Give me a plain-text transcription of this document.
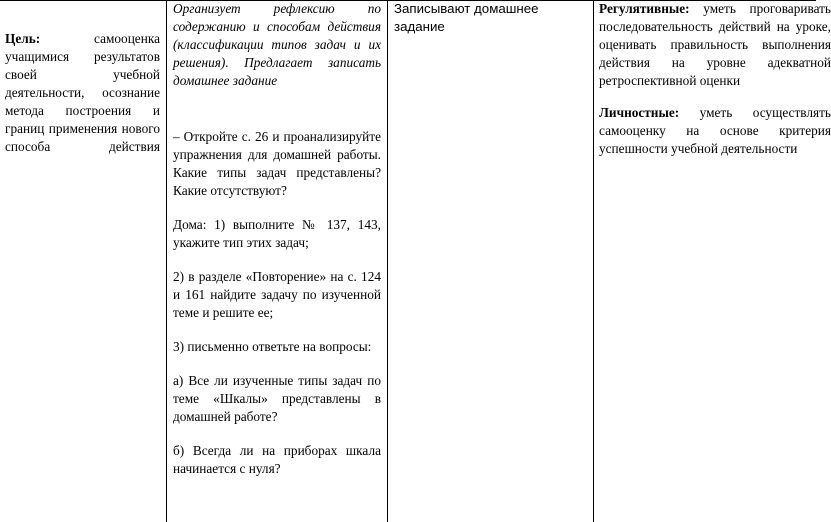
Цель:	самооценка учащимися результатов своей учебной деятельности, осознание метода построения и границ применения нового способа действия

Организует рефлексию по содержанию и способам действия (классификации типов задач и их решения). Предлагает записать домашнее задание

– Откройте с. 26 и проанализируйте упражнения для домашней работы. Какие типы задач представлены? Какие отсутствуют?

Дома: 1) выполните № 137, 143, укажите тип этих задач;

2) в разделе «Повторение» на с. 124 и 161 найдите задачу по изученной теме и решите ее;

3) письменно ответьте на вопросы:

а) Все ли изученные типы задач по теме «Шкалы» представлены в домашней работе?

б) Всегда ли на приборах шкала начинается с нуля?

Записывают домашнее задание

Регулятивные: уметь проговаривать последовательность действий на уроке, оценивать правильность выполнения действия на уровне адекватной ретроспективной оценки

Личностные: уметь осуществлять самооценку на основе критерия успешности учебной деятельности
